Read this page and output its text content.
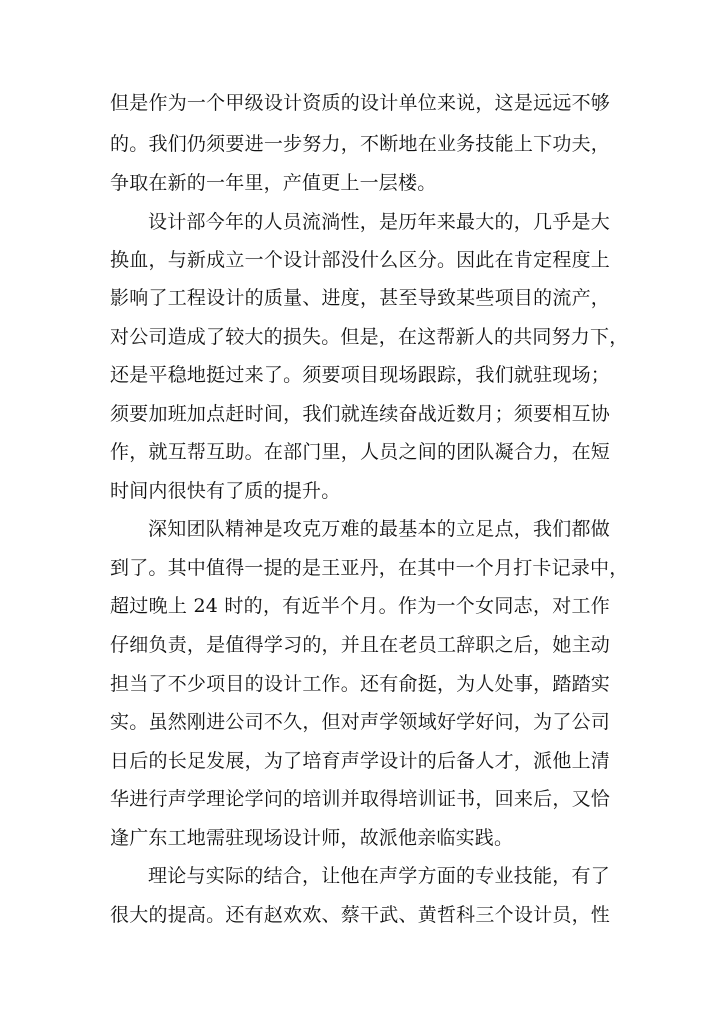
但是作为一个甲级设计资质的设计单位来说，这是远远不够
的。我们仍须要进一步努力，不断地在业务技能上下功夫，
争取在新的一年里，产值更上一层楼。
设计部今年的人员流淌性，是历年来最大的，几乎是大
换血，与新成立一个设计部没什么区分。因此在肯定程度上
影响了工程设计的质量、进度，甚至导致某些项目的流产，
对公司造成了较大的损失。但是，在这帮新人的共同努力下，
还是平稳地挺过来了。须要项目现场跟踪，我们就驻现场；
须要加班加点赶时间，我们就连续奋战近数月；须要相互协
作，就互帮互助。在部门里，人员之间的团队凝合力，在短
时间内很快有了质的提升。
深知团队精神是攻克万难的最基本的立足点，我们都做
到了。其中值得一提的是王亚丹，在其中一个月打卡记录中，
超过晚上 24 时的，有近半个月。作为一个女同志，对工作
仔细负责，是值得学习的，并且在老员工辞职之后，她主动
担当了不少项目的设计工作。还有俞挺，为人处事，踏踏实
实。虽然刚进公司不久，但对声学领域好学好问，为了公司
日后的长足发展，为了培育声学设计的后备人才，派他上清
华进行声学理论学问的培训并取得培训证书，回来后，又恰
逢广东工地需驻现场设计师，故派他亲临实践。
理论与实际的结合，让他在声学方面的专业技能，有了
很大的提高。还有赵欢欢、蔡干武、黄哲科三个设计员，性
